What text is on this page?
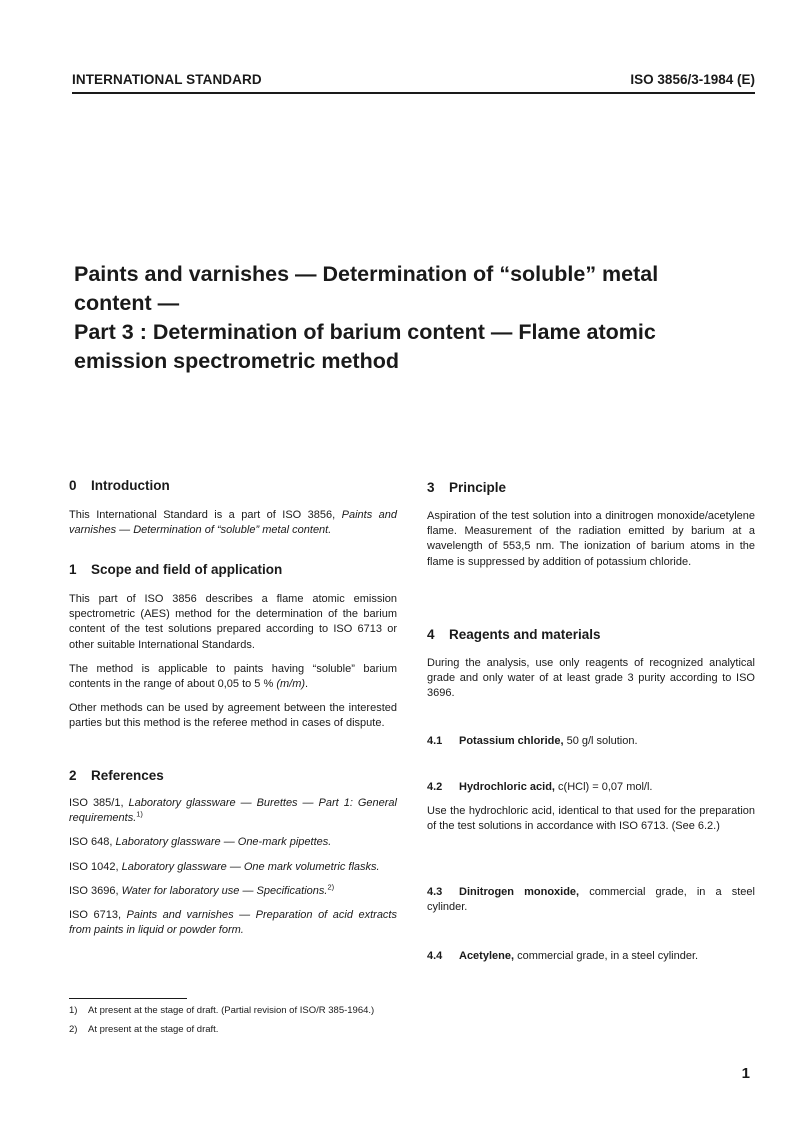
INTERNATIONAL STANDARD	ISO 3856/3-1984 (E)
Paints and varnishes — Determination of “soluble” metal
content —
Part 3 : Determination of barium content — Flame atomic
emission spectrometric method
0 Introduction

This International Standard is a part of ISO 3856, Paints and varnishes — Determination of “soluble” metal content.

1 Scope and field of application

This part of ISO 3856 describes a flame atomic emission spectrometric (AES) method for the determination of the barium content of the test solutions prepared according to ISO 6713 or other suitable International Standards.

The method is applicable to paints having “soluble” barium contents in the range of about 0,05 to 5 % (m/m).

Other methods can be used by agreement between the interested parties but this method is the referee method in cases of dispute.

2 References

ISO 385/1, Laboratory glassware — Burettes — Part 1: General requirements.$^{1)}$

ISO 648, Laboratory glassware — One-mark pipettes.

ISO 1042, Laboratory glassware — One mark volumetric flasks.

ISO 3696, Water for laboratory use — Specifications.$^{2)}$

ISO 6713, Paints and varnishes — Preparation of acid extracts from paints in liquid or powder form.

3 Principle

Aspiration of the test solution into a dinitrogen monoxide/acetylene flame. Measurement of the radiation emitted by barium at a wavelength of 553,5 nm. The ionization of barium atoms in the flame is suppressed by addition of potassium chloride.

4 Reagents and materials

During the analysis, use only reagents of recognized analytical grade and only water of at least grade 3 purity according to ISO 3696.

4.1 Potassium chloride, 50 g/l solution.

4.2 Hydrochloric acid, c(HCl) = 0,07 mol/l.

Use the hydrochloric acid, identical to that used for the preparation of the test solutions in accordance with ISO 6713. (See 6.2.)

4.3 Dinitrogen monoxide, commercial grade, in a steel cylinder.

4.4 Acetylene, commercial grade, in a steel cylinder.

1) At present at the stage of draft. (Partial revision of ISO/R 385-1964.)
2) At present at the stage of draft.
1
